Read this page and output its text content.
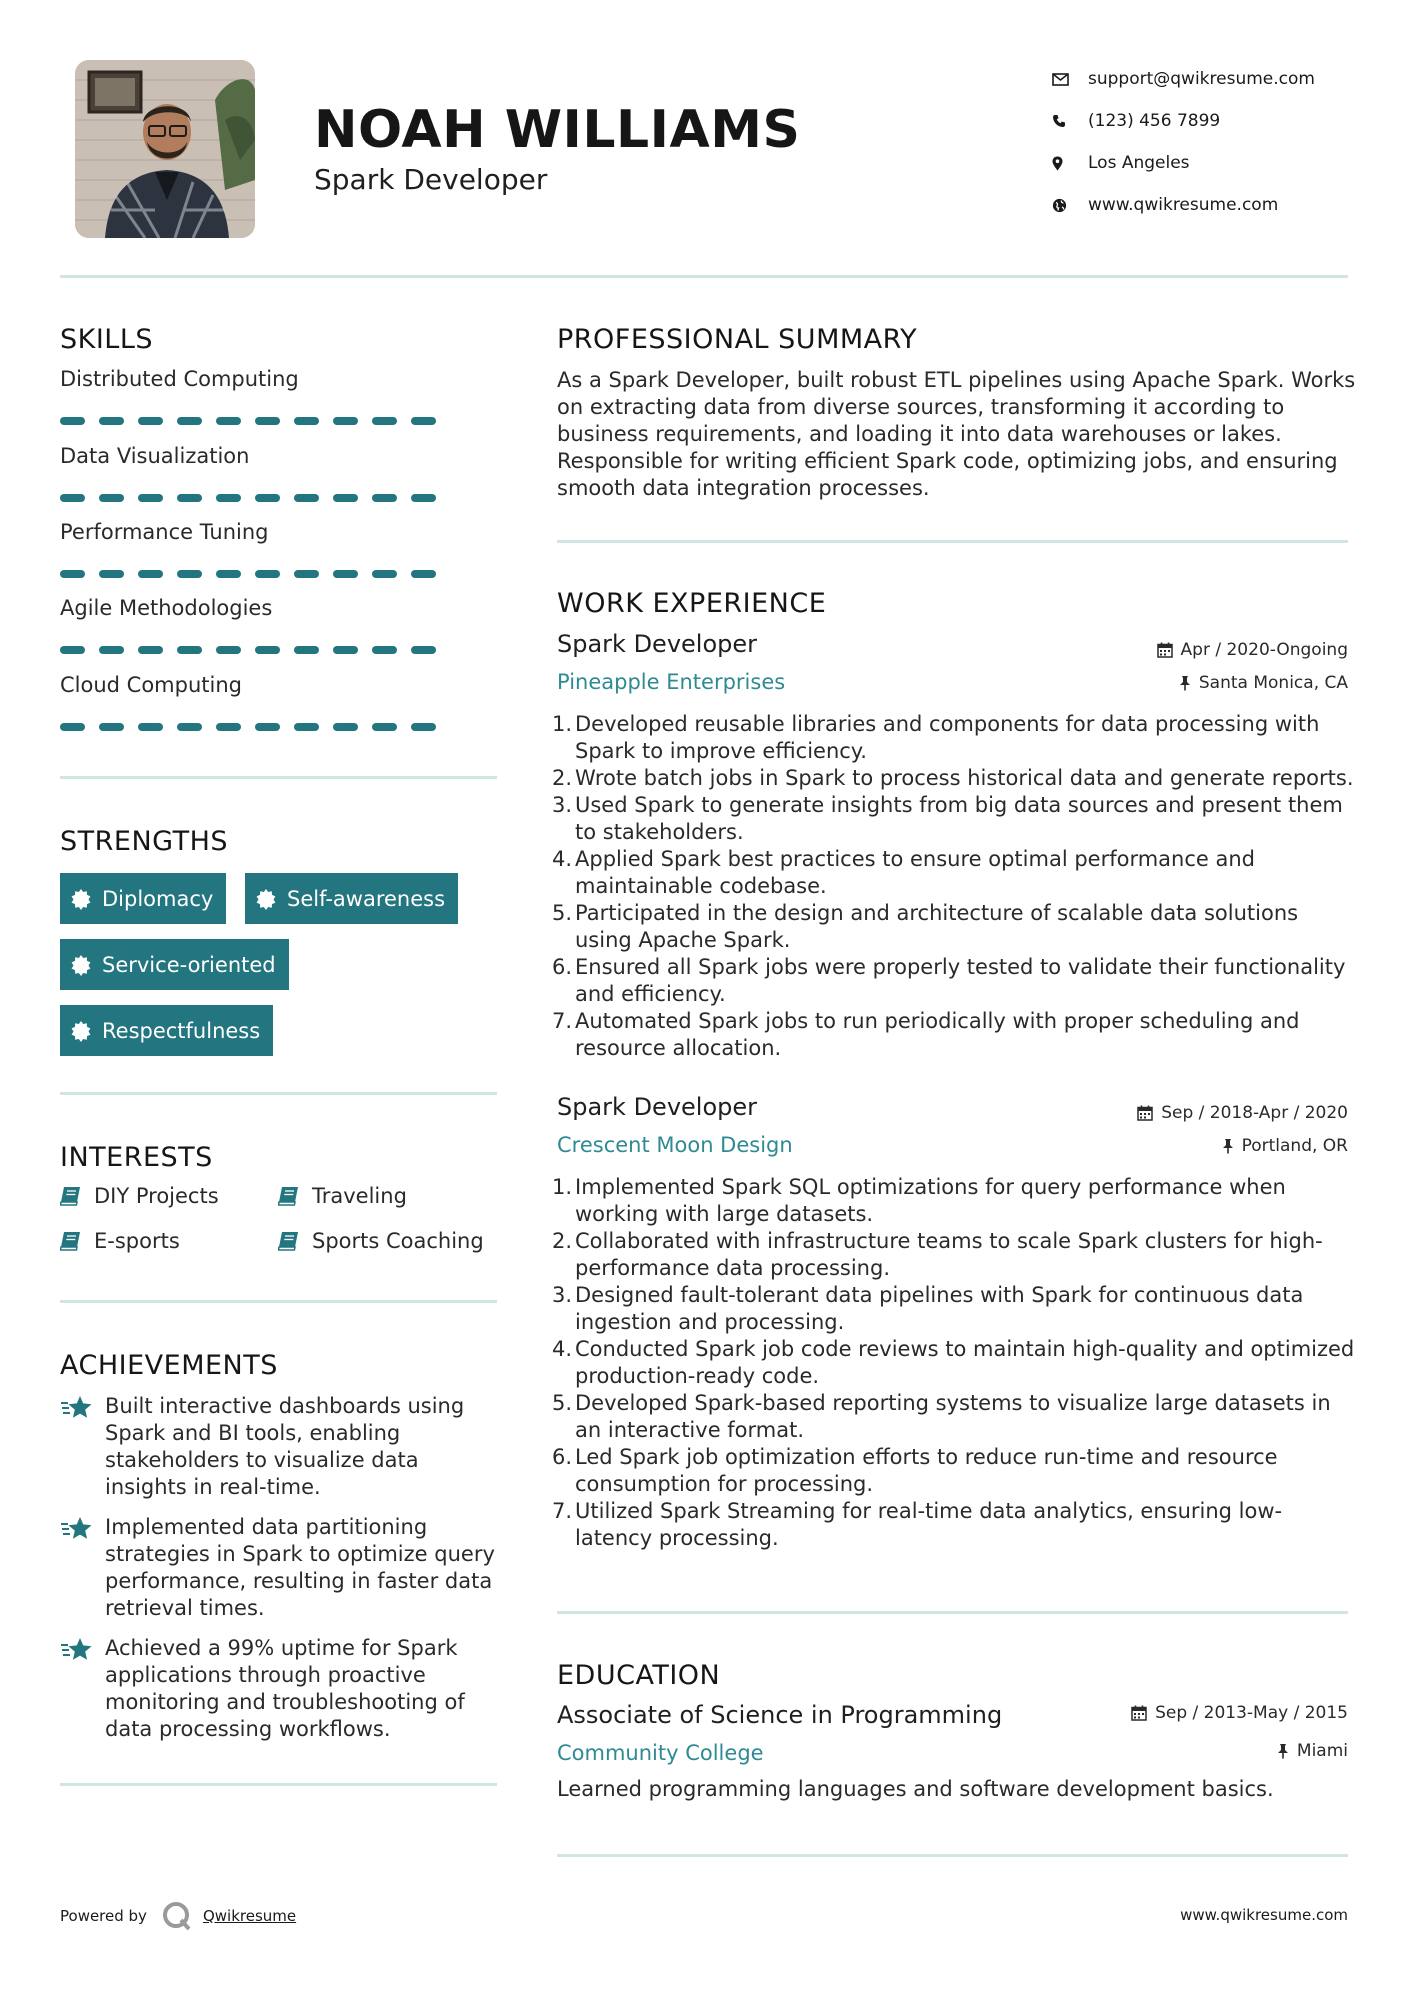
NOAH WILLIAMS
Spark Developer
support@qwikresume.com
(123) 456 7899
Los Angeles
www.qwikresume.com
SKILLS
Distributed Computing
Data Visualization
Performance Tuning
Agile Methodologies
Cloud Computing
STRENGTHS
Diplomacy	Self-awareness
Service-oriented
Respectfulness
INTERESTS
DIY Projects	Traveling
E-sports	Sports Coaching
ACHIEVEMENTS
Built interactive dashboards using Spark and BI tools, enabling stakeholders to visualize data insights in real-time.
Implemented data partitioning strategies in Spark to optimize query performance, resulting in faster data retrieval times.
Achieved a 99% uptime for Spark applications through proactive monitoring and troubleshooting of data processing workflows.
PROFESSIONAL SUMMARY
As a Spark Developer, built robust ETL pipelines using Apache Spark. Works on extracting data from diverse sources, transforming it according to business requirements, and loading it into data warehouses or lakes. Responsible for writing efficient Spark code, optimizing jobs, and ensuring smooth data integration processes.
WORK EXPERIENCE
Spark Developer	Apr / 2020-Ongoing
Pineapple Enterprises	Santa Monica, CA
1. Developed reusable libraries and components for data processing with Spark to improve efficiency.
2. Wrote batch jobs in Spark to process historical data and generate reports.
3. Used Spark to generate insights from big data sources and present them to stakeholders.
4. Applied Spark best practices to ensure optimal performance and maintainable codebase.
5. Participated in the design and architecture of scalable data solutions using Apache Spark.
6. Ensured all Spark jobs were properly tested to validate their functionality and efficiency.
7. Automated Spark jobs to run periodically with proper scheduling and resource allocation.
Spark Developer	Sep / 2018-Apr / 2020
Crescent Moon Design	Portland, OR
1. Implemented Spark SQL optimizations for query performance when working with large datasets.
2. Collaborated with infrastructure teams to scale Spark clusters for high-performance data processing.
3. Designed fault-tolerant data pipelines with Spark for continuous data ingestion and processing.
4. Conducted Spark job code reviews to maintain high-quality and optimized production-ready code.
5. Developed Spark-based reporting systems to visualize large datasets in an interactive format.
6. Led Spark job optimization efforts to reduce run-time and resource consumption for processing.
7. Utilized Spark Streaming for real-time data analytics, ensuring low-latency processing.
EDUCATION
Associate of Science in Programming	Sep / 2013-May / 2015
Community College	Miami
Learned programming languages and software development basics.
Powered by	Qwikresume	www.qwikresume.com
